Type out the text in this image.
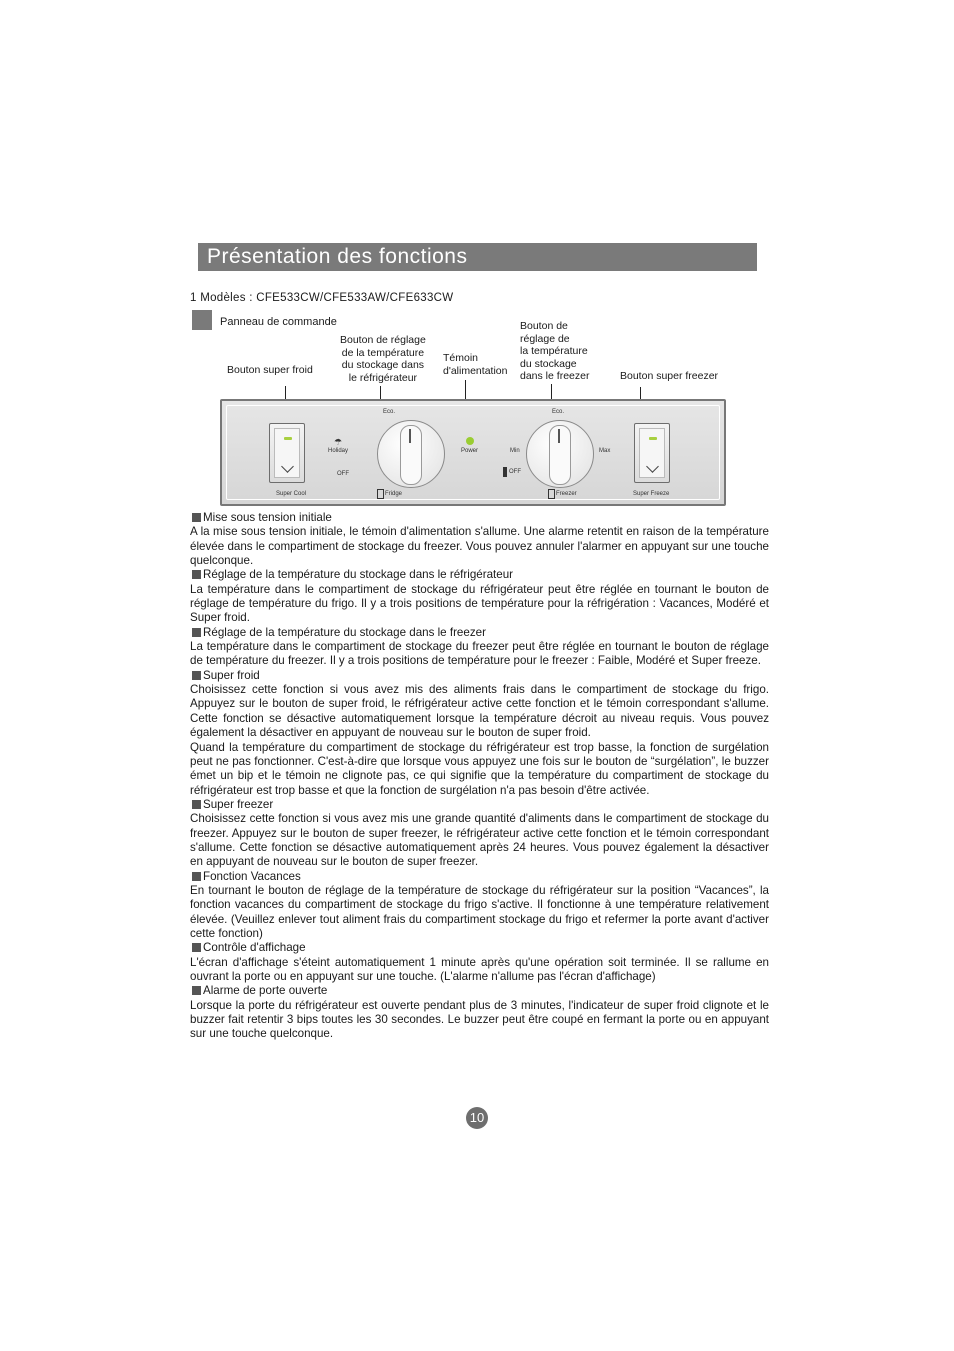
Présentation des fonctions
1 Modèles : CFE533CW/CFE533AW/CFE633CW
Panneau de commande
Bouton super froid
Bouton de réglage
de la température
du stockage dans
le réfrigérateur
Témoin
d'alimentation
Bouton de
réglage de
la température
du stockage
dans le freezer	Bouton super freezer
Super Cool
Eco.
☂
Holiday
OFF
Fridge
Power
Eco.
Min	Max
OFF
Freezer	Super Freeze

Mise sous tension initiale

A la mise sous tension initiale, le témoin d'alimentation s'allume. Une alarme retentit en raison de la température élevée dans le compartiment de stockage du freezer. Vous pouvez annuler l'alarmer en appuyant sur une touche quelconque.

Réglage de la température du stockage dans le réfrigérateur

La température dans le compartiment de stockage du réfrigérateur peut être réglée en tournant le bouton de réglage de température du frigo. Il y a trois positions de température pour la réfrigération : Vacances, Modéré et Super froid.

Réglage de la température du stockage dans le freezer

La température dans le compartiment de stockage du freezer peut être réglée en tournant le bouton de réglage de température du freezer. Il y a trois positions de température pour le freezer : Faible, Modéré et Super freeze.

Super froid

Choisissez cette fonction si vous avez mis des aliments frais dans le compartiment de stockage du frigo. Appuyez sur le bouton de super froid, le réfrigérateur active cette fonction et le témoin correspondant s'allume. Cette fonction se désactive automatiquement lorsque la température décroit au niveau requis. Vous pouvez également la désactiver en appuyant de nouveau sur le bouton de super froid.

Quand la température du compartiment de stockage du réfrigérateur est trop basse, la fonction de surgélation peut ne pas fonctionner. C'est-à-dire que lorsque vous appuyez une fois sur le bouton de “surgélation”, le buzzer émet un bip et le témoin ne clignote pas, ce qui signifie que la température du compartiment de stockage du réfrigérateur est trop basse et que la fonction de surgélation n'a pas besoin d'être activée.

Super freezer

Choisissez cette fonction si vous avez mis une grande quantité d'aliments dans le compartiment de stockage du freezer. Appuyez sur le bouton de super freezer, le réfrigérateur active cette fonction et le témoin correspondant s'allume. Cette fonction se désactive automatiquement après 24 heures. Vous pouvez également la désactiver en appuyant de nouveau sur le bouton de super freezer.

Fonction Vacances

En tournant le bouton de réglage de la température de stockage du réfrigérateur sur la position “Vacances”, la fonction vacances du compartiment de stockage du frigo s'active. Il fonctionne à une température relativement élevée. (Veuillez enlever tout aliment frais du compartiment stockage du frigo et refermer la porte avant d'activer cette fonction)

Contrôle d'affichage

L'écran d'affichage s'éteint automatiquement 1 minute après qu'une opération soit terminée. Il se rallume en ouvrant la porte ou en appuyant sur une touche. (L'alarme n'allume pas l'écran d'affichage)

Alarme de porte ouverte

Lorsque la porte du réfrigérateur est ouverte pendant plus de 3 minutes, l'indicateur de super froid clignote et le buzzer fait retentir 3 bips toutes les 30 secondes. Le buzzer peut être coupé en fermant la porte ou en appuyant sur une touche quelconque.

10
